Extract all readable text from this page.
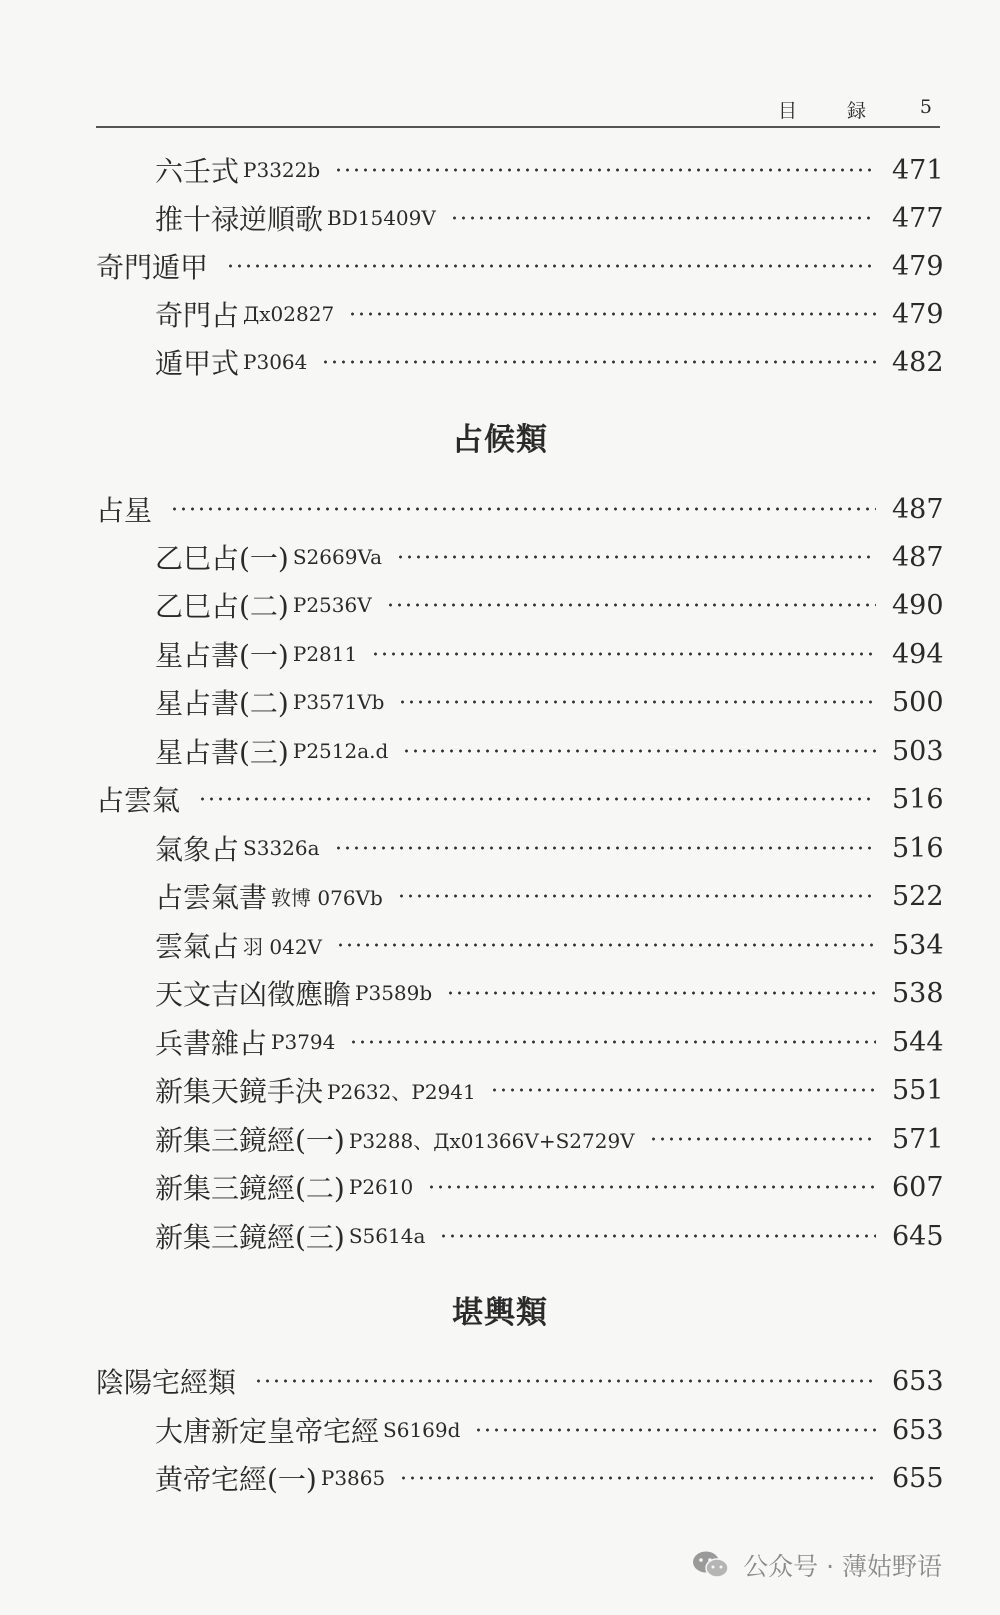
目 録 5
六壬式 P3322b	471
推十禄逆順歌 BD15409V	477
奇門遁甲	479
奇門占 Дx02827	479
遁甲式 P3064	482
占候類
占星	487
乙巳占(一) S2669Va	487
乙巳占(二) P2536V	490
星占書(一) P2811	494
星占書(二) P3571Vb	500
星占書(三) P2512a.d	503
占雲氣	516
氣象占 S3326a	516
占雲氣書 敦博 076Vb	522
雲氣占 羽 042V	534
天文吉凶徵應瞻 P3589b	538
兵書雜占 P3794	544
新集天鏡手決 P2632、P2941	551
新集三鏡經(一) P3288、Дx01366V+S2729V	571
新集三鏡經(二) P2610	607
新集三鏡經(三) S5614a	645
堪輿類
陰陽宅經類	653
大唐新定皇帝宅經 S6169d	653
黄帝宅經(一) P3865	655
公众号 · 薄姑野语
